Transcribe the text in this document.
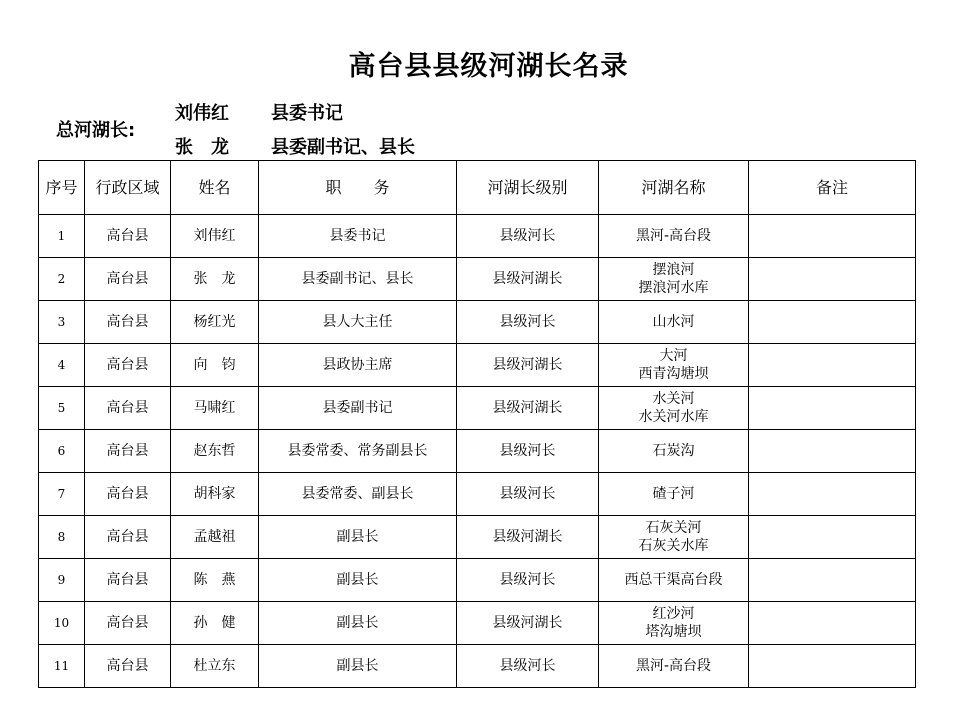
高台县县级河湖长名录
总河湖长:
刘伟红 县委书记
张　龙 县委副书记、县长
序号	行政区域	姓名	职　　务	河湖长级别	河湖名称	备注
1	高台县	刘伟红	县委书记	县级河长	黑河-高台段	

2	高台县	张　龙	县委副书记、县长	县级河湖长	摆浪河
摆浪河水库	

3	高台县	杨红光	县人大主任	县级河长	山水河	

4	高台县	向　钧	县政协主席	县级河湖长	大河
西青沟塘坝	

5	高台县	马啸红	县委副书记	县级河湖长	水关河
水关河水库	

6	高台县	赵东哲	县委常委、常务副县长	县级河长	石炭沟	

7	高台县	胡科家	县委常委、副县长	县级河长	碴子河	

8	高台县	孟越祖	副县长	县级河湖长	石灰关河
石灰关水库	

9	高台县	陈　燕	副县长	县级河长	西总干渠高台段	

10	高台县	孙　健	副县长	县级河湖长	红沙河
塔沟塘坝	

11	高台县	杜立东	副县长	县级河长	黑河-高台段	
